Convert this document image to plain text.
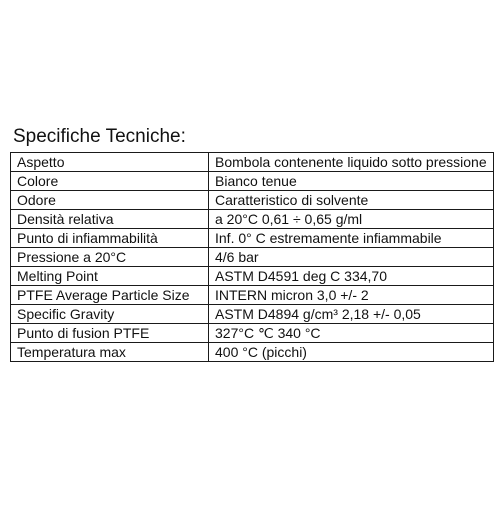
Specifiche Tecniche:
Aspetto	Bombola contenente liquido sotto pressione
Colore	Bianco tenue
Odore	Caratteristico di solvente
Densità relativa	a 20°C 0,61 ÷ 0,65 g/ml
Punto di infiammabilità	Inf. 0° C estremamente infiammabile
Pressione a 20°C	4/6 bar
Melting Point	ASTM D4591 deg C 334,70
PTFE Average Particle Size	INTERN micron 3,0 +/- 2
Specific Gravity	ASTM D4894 g/cm³ 2,18 +/- 0,05
Punto di fusion PTFE	327°C ℃ 340 °C
Temperatura max	400 °C (picchi)
